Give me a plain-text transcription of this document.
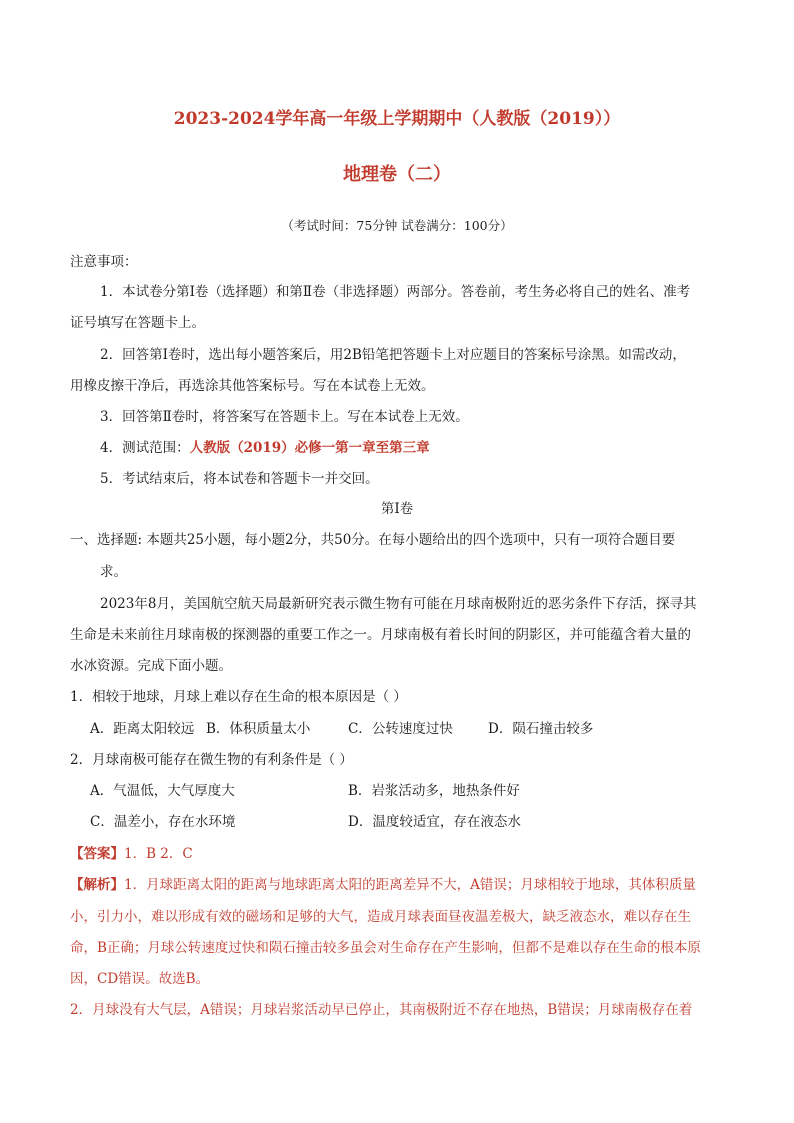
2023-2024学年高一年级上学期期中（人教版（2019））
地理卷（二）
（考试时间：75分钟 试卷满分：100分）
注意事项：
1．本试卷分第Ⅰ卷（选择题）和第Ⅱ卷（非选择题）两部分。答卷前，考生务必将自己的姓名、准考
证号填写在答题卡上。
2．回答第Ⅰ卷时，选出每小题答案后，用2B铅笔把答题卡上对应题目的答案标号涂黑。如需改动，
用橡皮擦干净后，再选涂其他答案标号。写在本试卷上无效。
3．回答第Ⅱ卷时，将答案写在答题卡上。写在本试卷上无效。
4．测试范围：人教版（2019）必修一第一章至第三章
5．考试结束后，将本试卷和答题卡一并交回。
第Ⅰ卷
一、选择题: 本题共25小题，每小题2分，共50分。在每小题给出的四个选项中，只有一项符合题目要
求。
2023年8月，美国航空航天局最新研究表示微生物有可能在月球南极附近的恶劣条件下存活，探寻其
生命是未来前往月球南极的探测器的重要工作之一。月球南极有着长时间的阴影区，并可能蕴含着大量的
水冰资源。完成下面小题。
1．相较于地球，月球上难以存在生命的根本原因是（ ）
A．距离太阳较远 B．体积质量太小	C．公转速度过快	D．陨石撞击较多
2．月球南极可能存在微生物的有利条件是（ ）
A．气温低，大气厚度大	B．岩浆活动多，地热条件好
C．温差小，存在水环境	D．温度较适宜，存在液态水
【答案】1．B 2．C
【解析】1．月球距离太阳的距离与地球距离太阳的距离差异不大，A错误；月球相较于地球，其体积质量
小，引力小，难以形成有效的磁场和足够的大气，造成月球表面昼夜温差极大，缺乏液态水，难以存在生
命，B正确；月球公转速度过快和陨石撞击较多虽会对生命存在产生影响，但都不是难以存在生命的根本原
因，CD错误。故选B。
2．月球没有大气层，A错误；月球岩浆活动早已停止，其南极附近不存在地热，B错误；月球南极存在着
